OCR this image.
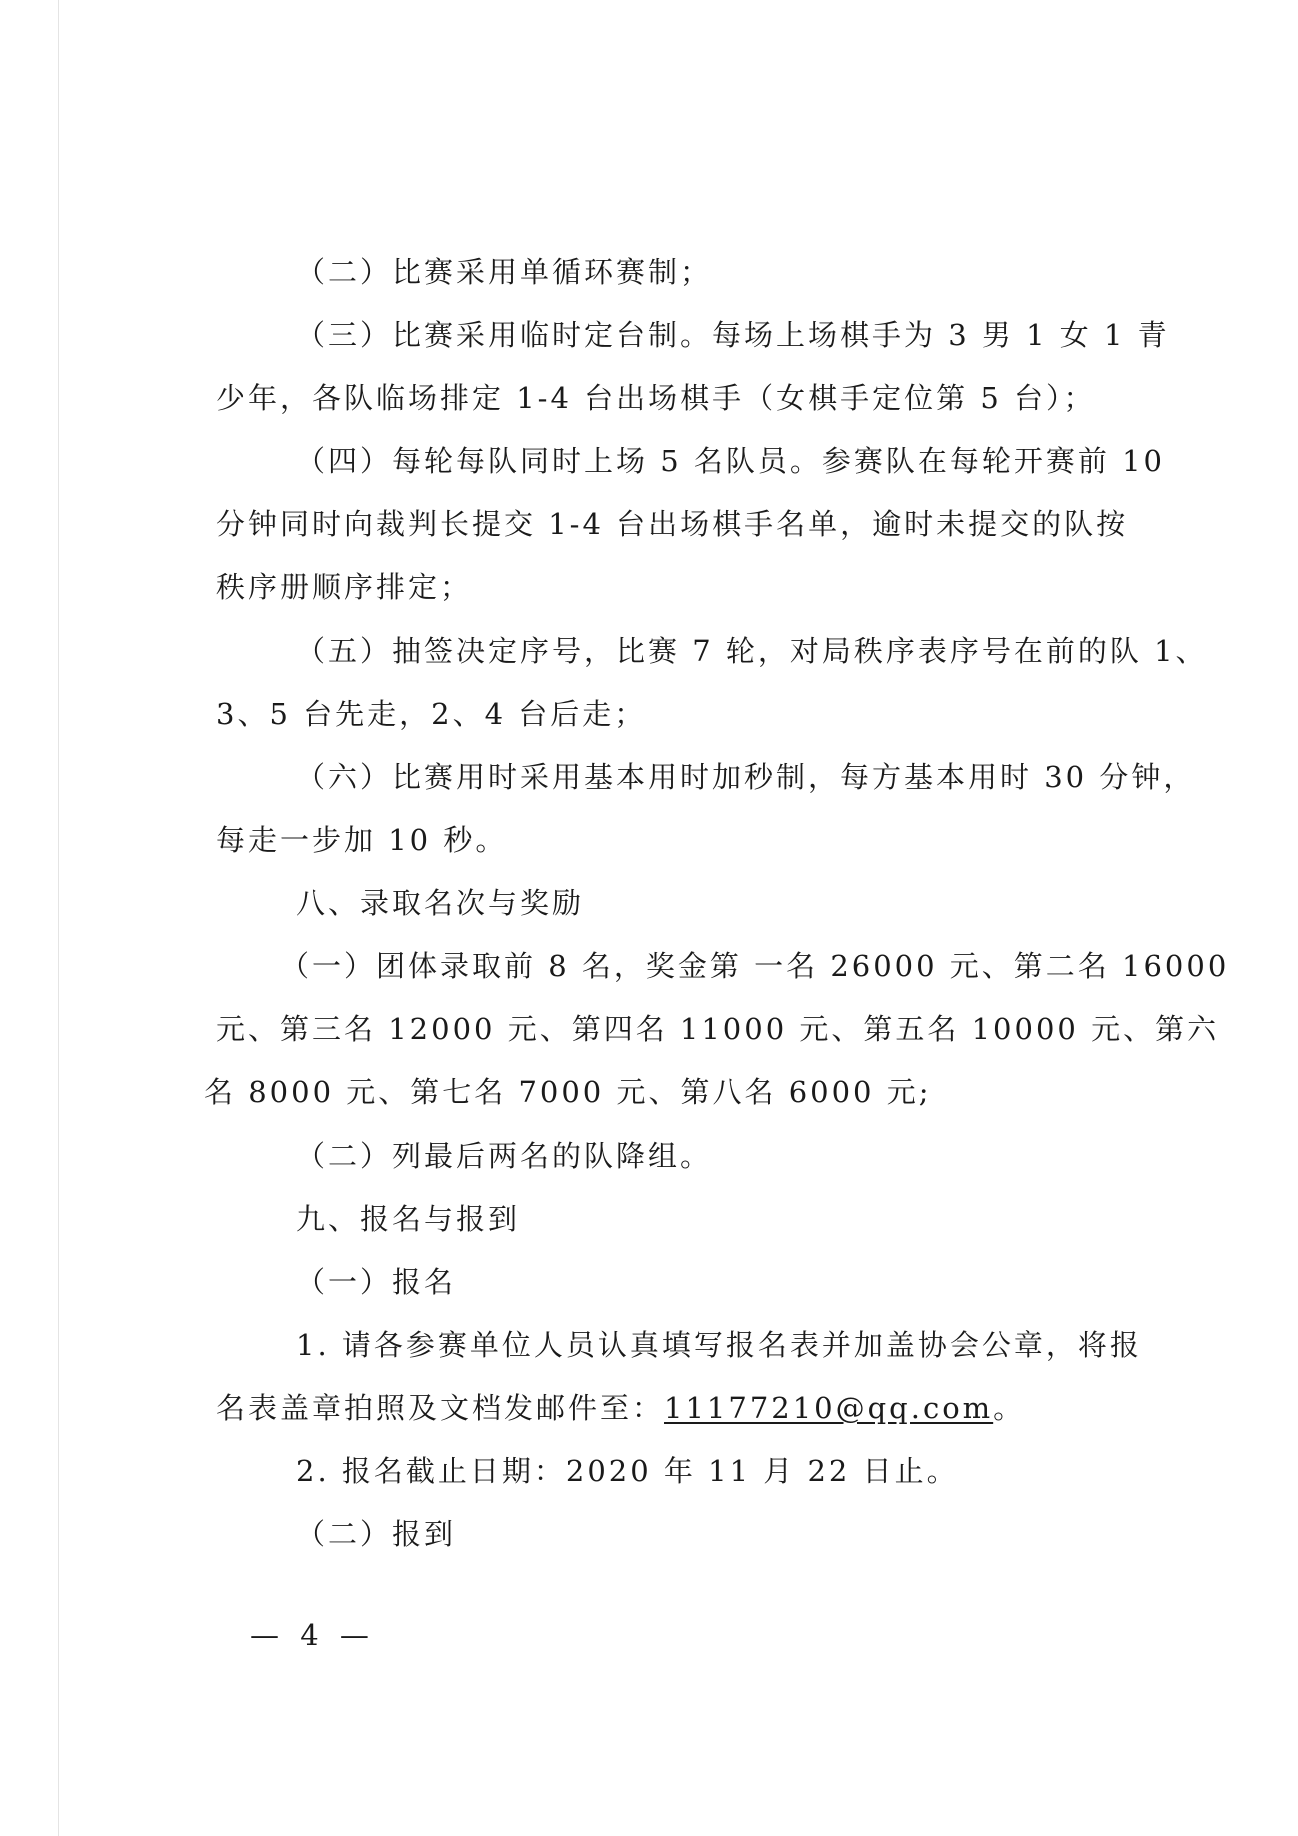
（二）比赛采用单循环赛制；
（三）比赛采用临时定台制。每场上场棋手为 3 男 1 女 1 青
少年，各队临场排定 1-4 台出场棋手（女棋手定位第 5 台）；
（四）每轮每队同时上场 5 名队员。参赛队在每轮开赛前 10
分钟同时向裁判长提交 1-4 台出场棋手名单，逾时未提交的队按
秩序册顺序排定；
（五）抽签决定序号，比赛 7 轮，对局秩序表序号在前的队 1、
3、5 台先走，2、4 台后走；
（六）比赛用时采用基本用时加秒制，每方基本用时 30 分钟，
每走一步加 10 秒。
八、录取名次与奖励
（一）团体录取前 8 名，奖金第 一名 26000 元、第二名 16000
元、第三名 12000 元、第四名 11000 元、第五名 10000 元、第六
名 8000 元、第七名 7000 元、第八名 6000 元;
（二）列最后两名的队降组。
九、报名与报到
（一）报名
1. 请各参赛单位人员认真填写报名表并加盖协会公章，将报
名表盖章拍照及文档发邮件至：11177210@qq.com。
2. 报名截止日期：2020 年 11 月 22 日止。
（二）报到
— 4 —
